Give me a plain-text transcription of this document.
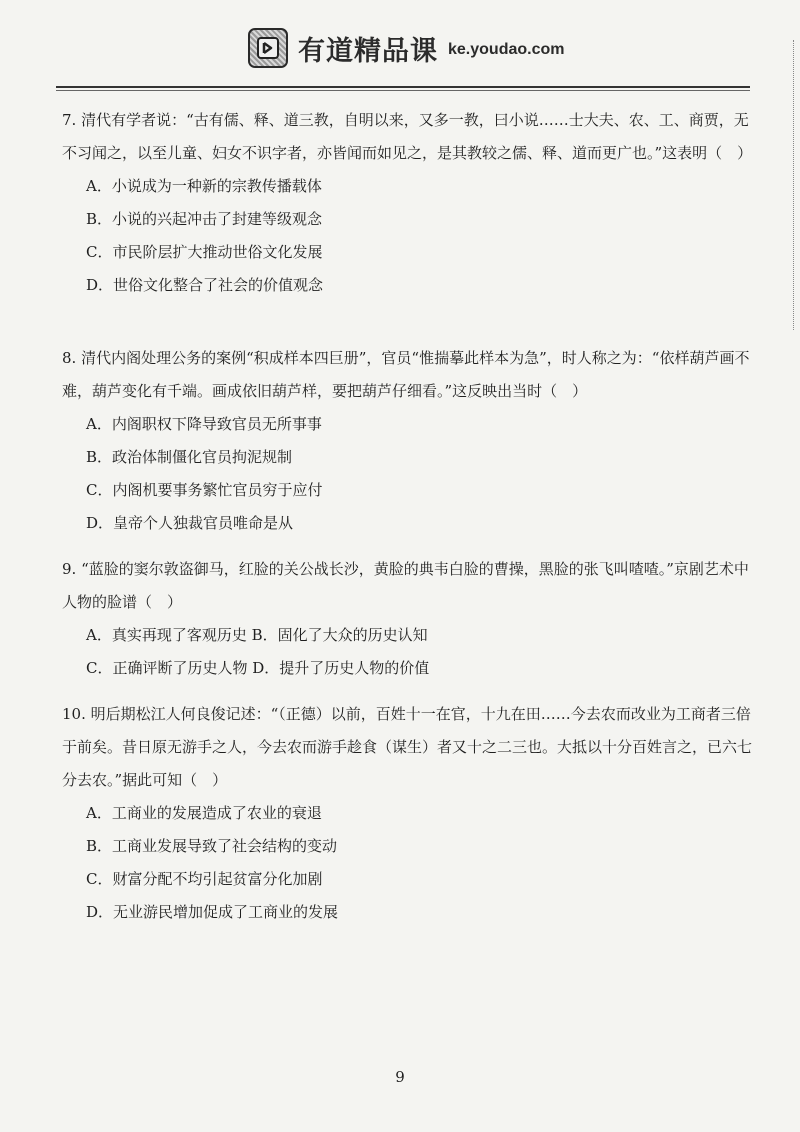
有道精品课 ke.youdao.com
7. 清代有学者说：“古有儒、释、道三教，自明以来，又多一教，曰小说……士大夫、农、工、商贾，无不习闻之，以至儿童、妇女不识字者，亦皆闻而如见之，是其教较之儒、释、道而更广也。”这表明（　）
A．小说成为一种新的宗教传播载体
B．小说的兴起冲击了封建等级观念
C．市民阶层扩大推动世俗文化发展
D．世俗文化整合了社会的价值观念
8. 清代内阁处理公务的案例“积成样本四巨册”，官员“惟揣摹此样本为急”，时人称之为：“依样葫芦画不难，葫芦变化有千端。画成依旧葫芦样，要把葫芦仔细看。”这反映出当时（　）
A．内阁职权下降导致官员无所事事
B．政治体制僵化官员拘泥规制
C．内阁机要事务繁忙官员穷于应付
D．皇帝个人独裁官员唯命是从
9. “蓝脸的窦尔敦盗御马，红脸的关公战长沙，黄脸的典韦白脸的曹操，黑脸的张飞叫喳喳。”京剧艺术中人物的脸谱（　）
A．真实再现了客观历史 B．固化了大众的历史认知
C．正确评断了历史人物 D．提升了历史人物的价值
10. 明后期松江人何良俊记述：“（正德）以前，百姓十一在官，十九在田……今去农而改业为工商者三倍于前矣。昔日原无游手之人，今去农而游手趁食（谋生）者又十之二三也。大抵以十分百姓言之，已六七分去农。”据此可知（　）
A．工商业的发展造成了农业的衰退
B．工商业发展导致了社会结构的变动
C．财富分配不均引起贫富分化加剧
D．无业游民增加促成了工商业的发展
9
